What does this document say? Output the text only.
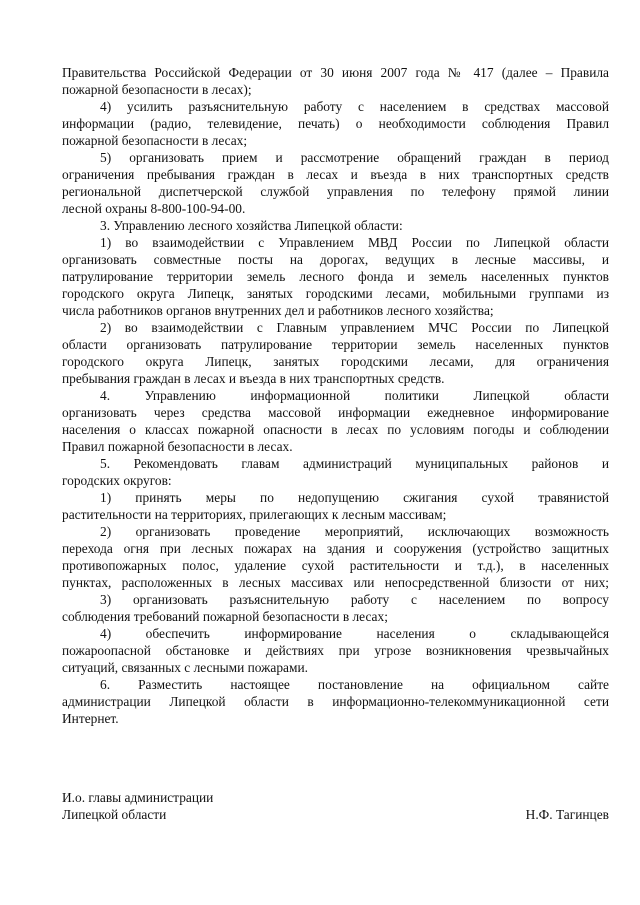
Правительства Российской Федерации от 30 июня 2007 года № 417 (далее – Правила
пожарной безопасности в лесах);
4) усилить разъяснительную работу с населением в средствах массовой
информации (радио, телевидение, печать) о необходимости соблюдения Правил
пожарной безопасности в лесах;
5) организовать прием и рассмотрение обращений граждан в период
ограничения пребывания граждан в лесах и въезда в них транспортных средств
региональной диспетчерской службой управления по телефону прямой линии
лесной охраны 8-800-100-94-00.
3. Управлению лесного хозяйства Липецкой области:
1) во взаимодействии с Управлением МВД России по Липецкой области
организовать совместные посты на дорогах, ведущих в лесные массивы, и
патрулирование территории земель лесного фонда и земель населенных пунктов
городского округа Липецк, занятых городскими лесами, мобильными группами из
числа работников органов внутренних дел и работников лесного хозяйства;
2) во взаимодействии с Главным управлением МЧС России по Липецкой
области организовать патрулирование территории земель населенных пунктов
городского округа Липецк, занятых городскими лесами, для ограничения
пребывания граждан в лесах и въезда в них транспортных средств.
4. Управлению информационной политики Липецкой области
организовать через средства массовой информации ежедневное информирование
населения о классах пожарной опасности в лесах по условиям погоды и соблюдении
Правил пожарной безопасности в лесах.
5. Рекомендовать главам администраций муниципальных районов и
городских округов:
1) принять меры по недопущению сжигания сухой травянистой
растительности на территориях, прилегающих к лесным массивам;
2) организовать проведение мероприятий, исключающих возможность
перехода огня при лесных пожарах на здания и сооружения (устройство защитных
противопожарных полос, удаление сухой растительности и т.д.), в населенных
пунктах, расположенных в лесных массивах или непосредственной близости от них;
3) организовать разъяснительную работу с населением по вопросу
соблюдения требований пожарной безопасности в лесах;
4) обеспечить информирование населения о складывающейся
пожароопасной обстановке и действиях при угрозе возникновения чрезвычайных
ситуаций, связанных с лесными пожарами.
6. Разместить настоящее постановление на официальном сайте
администрации Липецкой области в информационно-телекоммуникационной сети
Интернет.
И.о. главы администрации
Липецкой области	Н.Ф. Тагинцев
